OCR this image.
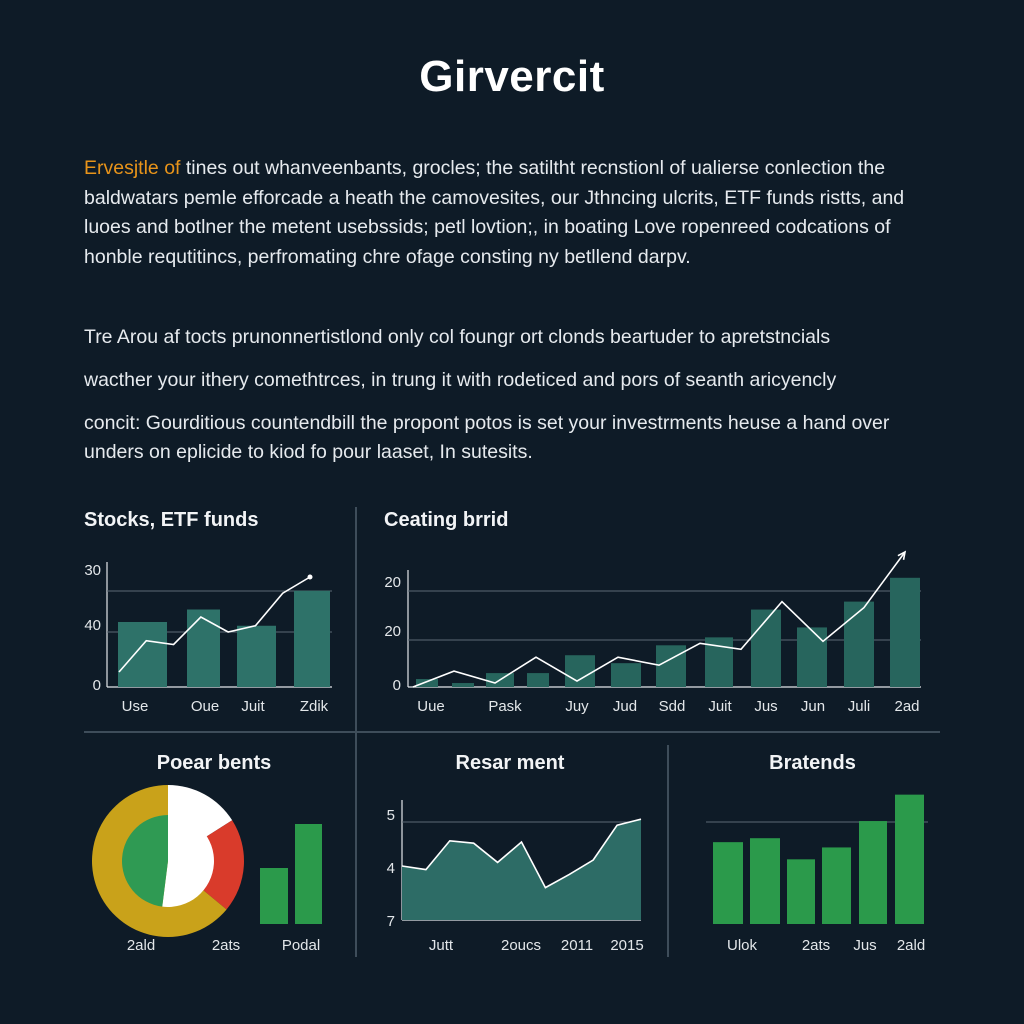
Girvercit

Ervesjtle of tines out whanveenbants, grocles; the satiltht recnstionl of ualierse conlection the baldwatars pemle efforcade a heath the camovesites, our Jthncing ulcrits, ETF funds ristts, and luoes and botlner the metent usebssids; petl lovtion;, in boating Love ropenreed codcations of honble requtitincs, perfromating chre ofage consting ny betllend darpv.

Tre Arou af tocts prunonnertistlond only col foungr ort clonds beartuder to apretstncials
wacther your ithery comethtrces, in trung it with rodeticed and pors of seanth aricyencly

concit: Gourditious countendbill the propont potos is set your investrments heuse a hand over unders on eplicide to kiod fo pour laaset, In sutesits.

Stocks, ETF funds	Ceating brrid
Poear bents	Resar ment	Bratends
30
40
0
Use	Oue Juit Zdik
20
20
0
Uue	Pask	Juy Jud Sdd Juit Jus Jun Juli 2ad
2ald	2ats	Podal
5
4
7
Jutt	2oucs 2011 2015	Ulok	2ats Jus 2ald
